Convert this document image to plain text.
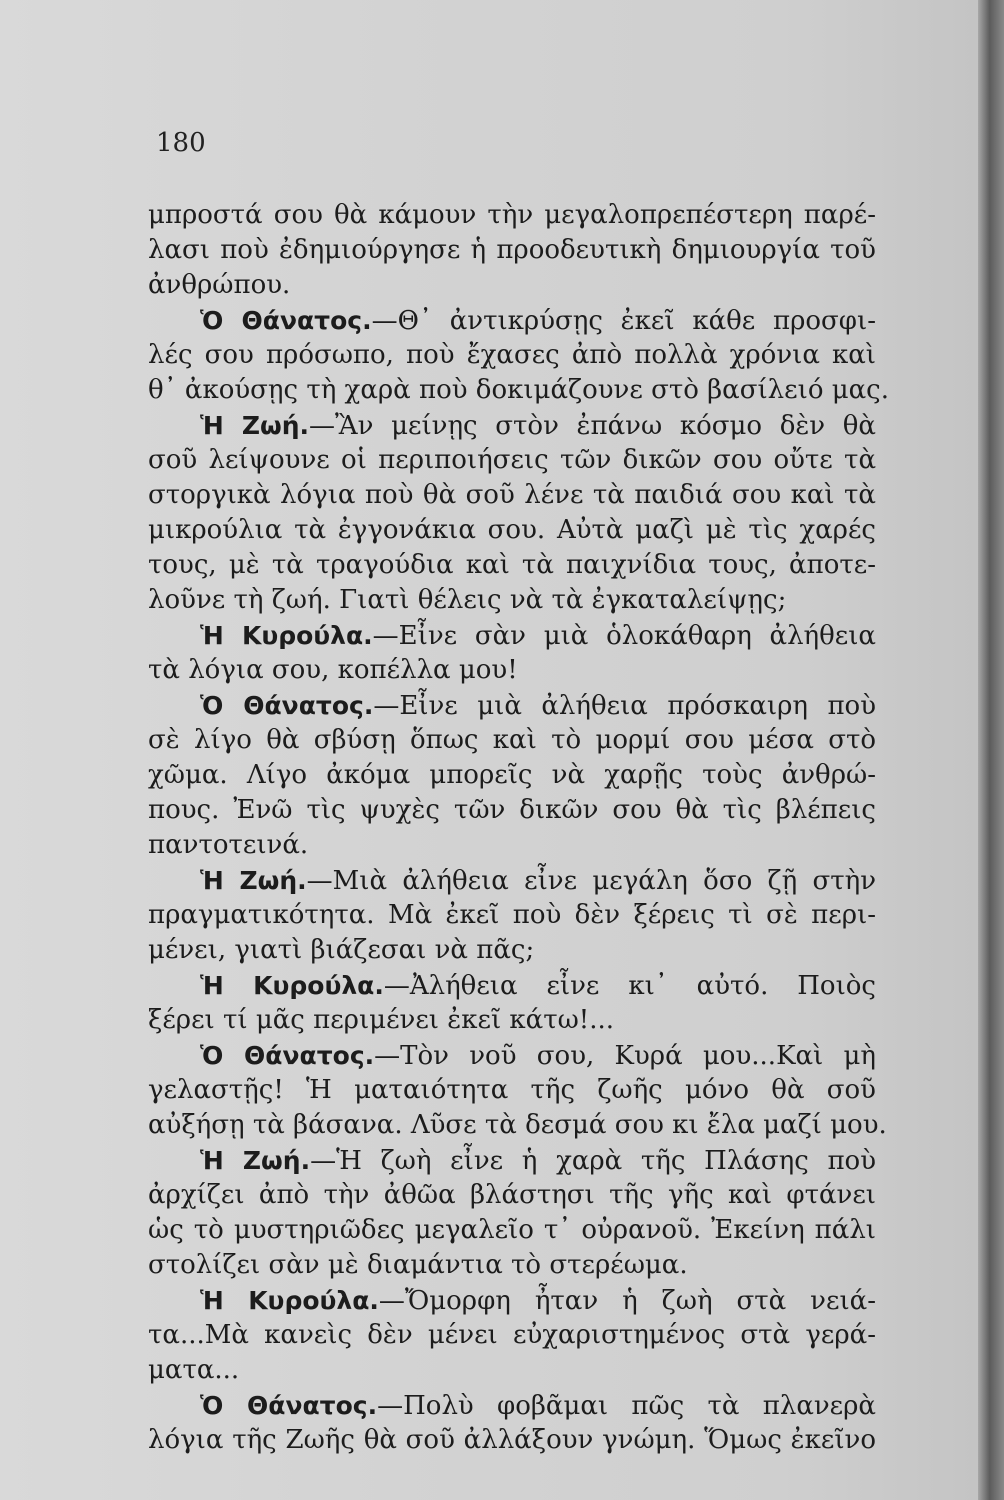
180
μπροστά σου θὰ κάμουν τὴν μεγαλοπρεπέστερη παρέ-
λασι ποὺ ἐδημιούργησε ἡ προοδευτικὴ δημιουργία τοῦ
ἀνθρώπου.
Ὁ Θάνατος.—Θ᾽ ἀντικρύσῃς ἐκεῖ κάθε προσφι-
λές σου πρόσωπο, ποὺ ἔχασες ἀπὸ πολλὰ χρόνια καὶ
θ᾽ ἀκούσῃς τὴ χαρὰ ποὺ δοκιμάζουνε στὸ βασίλειό μας.
Ἡ Ζωή.—Ἂν μείνῃς στὸν ἐπάνω κόσμο δὲν θὰ
σοῦ λείψουνε οἱ περιποιήσεις τῶν δικῶν σου οὔτε τὰ
στοργικὰ λόγια ποὺ θὰ σοῦ λένε τὰ παιδιά σου καὶ τὰ
μικρούλια τὰ ἐγγονάκια σου. Αὐτὰ μαζὶ μὲ τὶς χαρές
τους, μὲ τὰ τραγούδια καὶ τὰ παιχνίδια τους, ἀποτε-
λοῦνε τὴ ζωή. Γιατὶ θέλεις νὰ τὰ ἐγκαταλείψῃς;
Ἡ Κυρούλα.—Εἶνε σὰν μιὰ ὁλοκάθαρη ἀλήθεια
τὰ λόγια σου, κοπέλλα μου!
Ὁ Θάνατος.—Εἶνε μιὰ ἀλήθεια πρόσκαιρη ποὺ
σὲ λίγο θὰ σβύσῃ ὅπως καὶ τὸ μορμί σου μέσα στὸ
χῶμα. Λίγο ἀκόμα μπορεῖς νὰ χαρῇς τοὺς ἀνθρώ-
πους. Ἐνῶ τὶς ψυχὲς τῶν δικῶν σου θὰ τὶς βλέπεις
παντοτεινά.
Ἡ Ζωή.—Μιὰ ἀλήθεια εἶνε μεγάλη ὅσο ζῇ στὴν
πραγματικότητα. Μὰ ἐκεῖ ποὺ δὲν ξέρεις τὶ σὲ περι-
μένει, γιατὶ βιάζεσαι νὰ πᾶς;
Ἡ Κυρούλα.—Ἀλήθεια εἶνε κι᾽ αὐτό. Ποιὸς
ξέρει τί μᾶς περιμένει ἐκεῖ κάτω!...
Ὁ Θάνατος.—Τὸν νοῦ σου, Κυρά μου...Καὶ μὴ
γελαστῇς! Ἡ ματαιότητα τῆς ζωῆς μόνο θὰ σοῦ
αὐξήσῃ τὰ βάσανα. Λῦσε τὰ δεσμά σου κι ἔλα μαζί μου.
Ἡ Ζωή.—Ἡ ζωὴ εἶνε ἡ χαρὰ τῆς Πλάσης ποὺ
ἀρχίζει ἀπὸ τὴν ἀθῶα βλάστησι τῆς γῆς καὶ φτάνει
ὡς τὸ μυστηριῶδες μεγαλεῖο τ᾽ οὐρανοῦ. Ἐκείνη πάλι
στολίζει σὰν μὲ διαμάντια τὸ στερέωμα.
Ἡ Κυρούλα.—Ὄμορφη ἦταν ἡ ζωὴ στὰ νειά-
τα...Μὰ κανεὶς δὲν μένει εὐχαριστημένος στὰ γερά-
ματα...
Ὁ Θάνατος.—Πολὺ φοβᾶμαι πῶς τὰ πλανερὰ
λόγια τῆς Ζωῆς θὰ σοῦ ἀλλάξουν γνώμη. Ὅμως ἐκεῖνο
